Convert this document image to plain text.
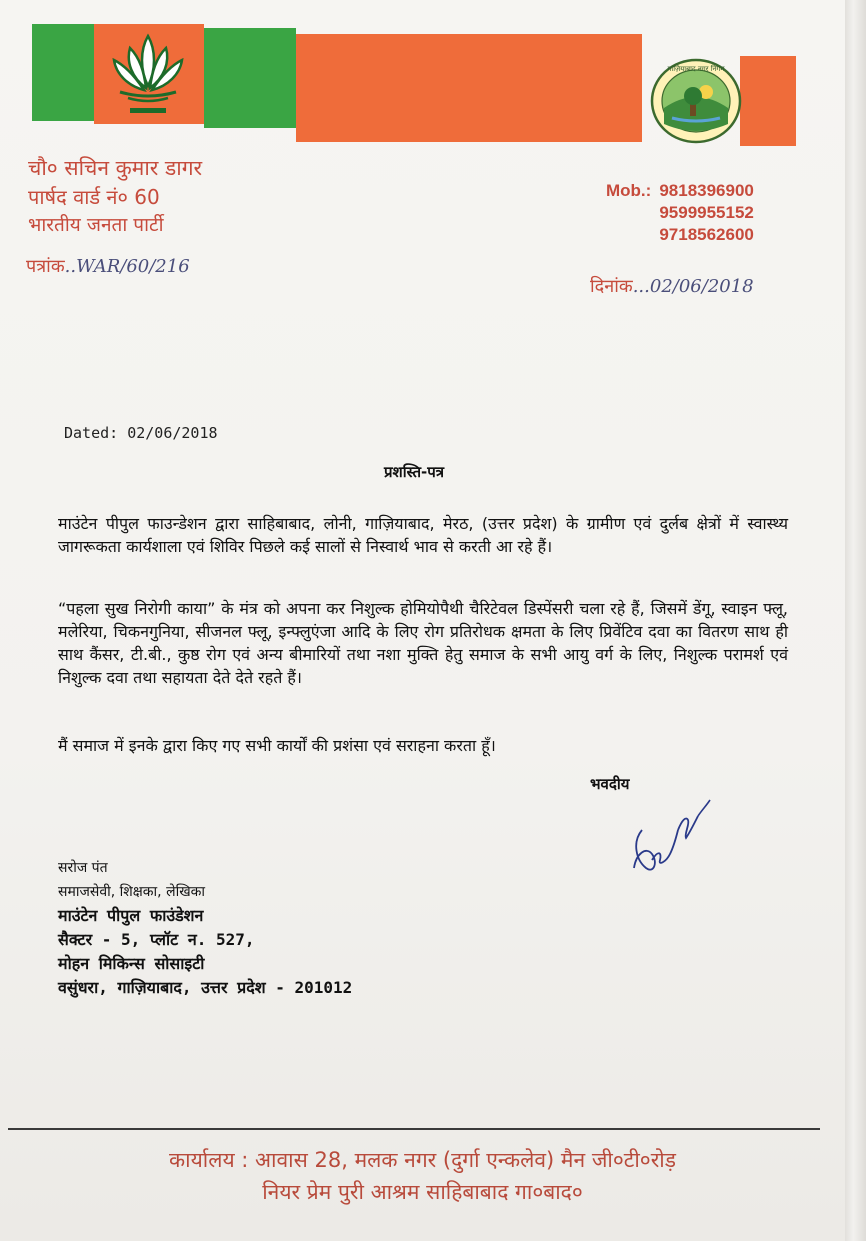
गाज़ियाबाद नगर निगम
चौ० सचिन कुमार डागर
पार्षद वार्ड नं० 60
भारतीय जनता पार्टी
Mob.: 9818396900
9599955152
9718562600
पत्रांक..WAR/60/216
दिनांक...02/06/2018
Dated: 02/06/2018
प्रशस्ति-पत्र
माउंटेन पीपुल फाउन्डेशन द्वारा साहिबाबाद, लोनी, गाज़ियाबाद, मेरठ, (उत्तर प्रदेश) के ग्रामीण एवं दुर्लब क्षेत्रों में स्वास्थ्य जागरूकता कार्यशाला एवं शिविर पिछले कई सालों से निस्वार्थ भाव से करती आ रहे हैं।
“पहला सुख निरोगी काया” के मंत्र को अपना कर निशुल्क होमियोपैथी चैरिटेवल डिस्पेंसरी चला रहे हैं, जिसमें डेंगू, स्वाइन फ्लू, मलेरिया, चिकनगुनिया, सीजनल फ्लू, इन्फ्लुएंजा आदि के लिए रोग प्रतिरोधक क्षमता के लिए प्रिवेंटिव दवा का वितरण साथ ही साथ कैंसर, टी.बी., कुष्ठ रोग एवं अन्य बीमारियों तथा नशा मुक्ति हेतु समाज के सभी आयु वर्ग के लिए, निशुल्क परामर्श एवं निशुल्क दवा तथा सहायता देते देते रहते हैं।
मैं समाज में इनके द्वारा किए गए सभी कार्यों की प्रशंसा एवं सराहना करता हूँ।
भवदीय
सरोज पंत
समाजसेवी, शिक्षका, लेखिका
माउंटेन पीपुल फाउंडेशन
सैक्टर - 5, प्लॉट न. 527,
मोहन मिकिन्स सोसाइटी
वसुंधरा, गाज़ियाबाद, उत्तर प्रदेश - 201012
कार्यालय : आवास 28, मलक नगर (दुर्गा एन्कलेव) मैन जी०टी०रोड़
नियर प्रेम पुरी आश्रम साहिबाबाद गा०बाद०
